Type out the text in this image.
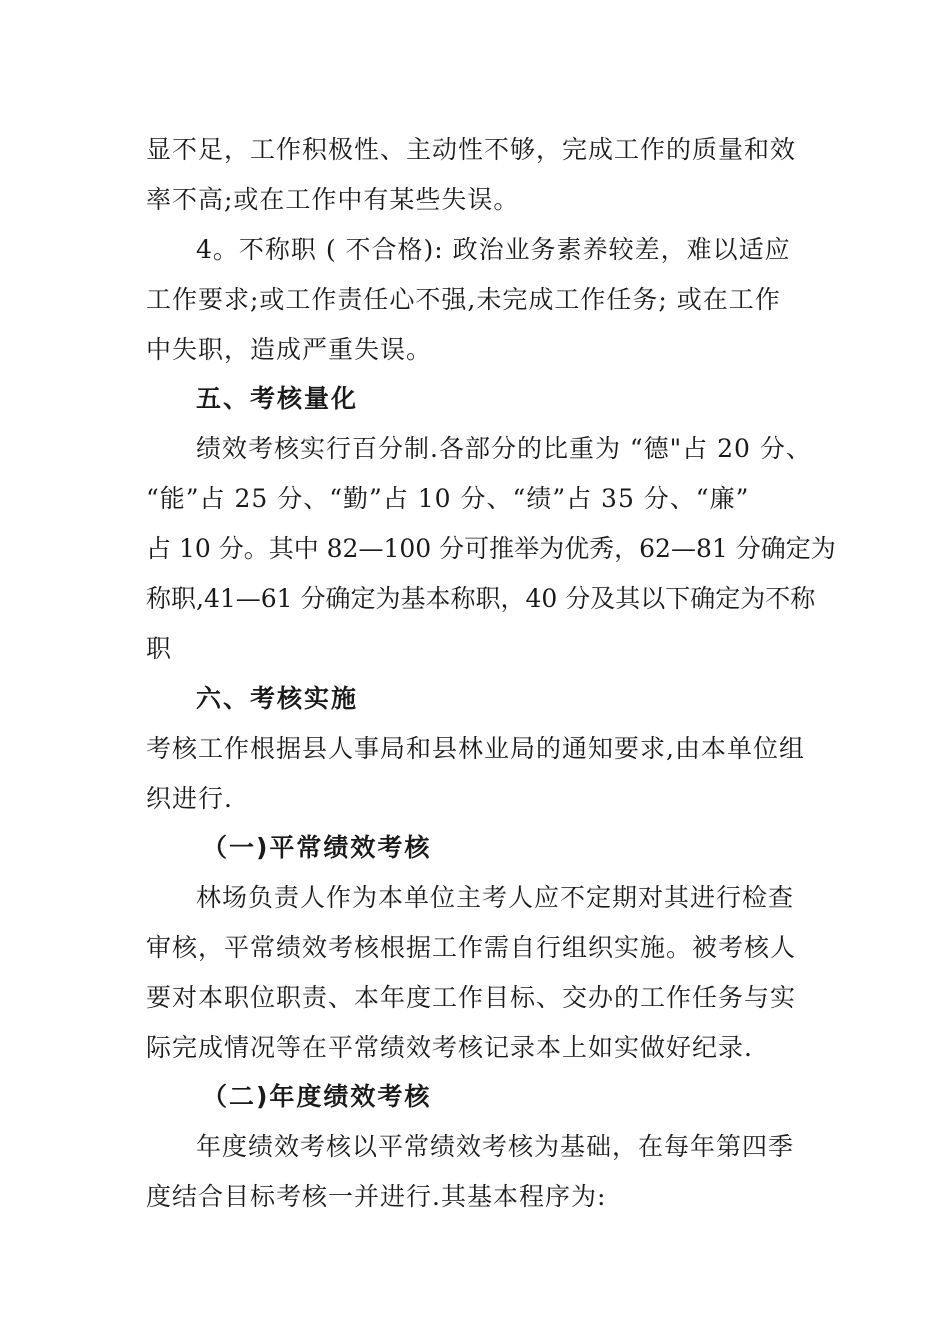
显不足，工作积极性、主动性不够，完成工作的质量和效
率不高;或在工作中有某些失误。
4。不称职 ( 不合格): 政治业务素养较差，难以适应
工作要求;或工作责任心不强,未完成工作任务; 或在工作
中失职，造成严重失误。
五、考核量化
绩效考核实行百分制.各部分的比重为 “德"占 20 分、
“能”占 25 分、“勤”占 10 分、“绩”占 35 分、“廉”
占 10 分。其中 82—100 分可推举为优秀，62—81 分确定为
称职,41—61 分确定为基本称职，40 分及其以下确定为不称
职
六、考核实施
考核工作根据县人事局和县林业局的通知要求,由本单位组
织进行.
（一)平常绩效考核
林场负责人作为本单位主考人应不定期对其进行检查
审核，平常绩效考核根据工作需自行组织实施。被考核人
要对本职位职责、本年度工作目标、交办的工作任务与实
际完成情况等在平常绩效考核记录本上如实做好纪录.
（二)年度绩效考核
年度绩效考核以平常绩效考核为基础，在每年第四季
度结合目标考核一并进行.其基本程序为:
